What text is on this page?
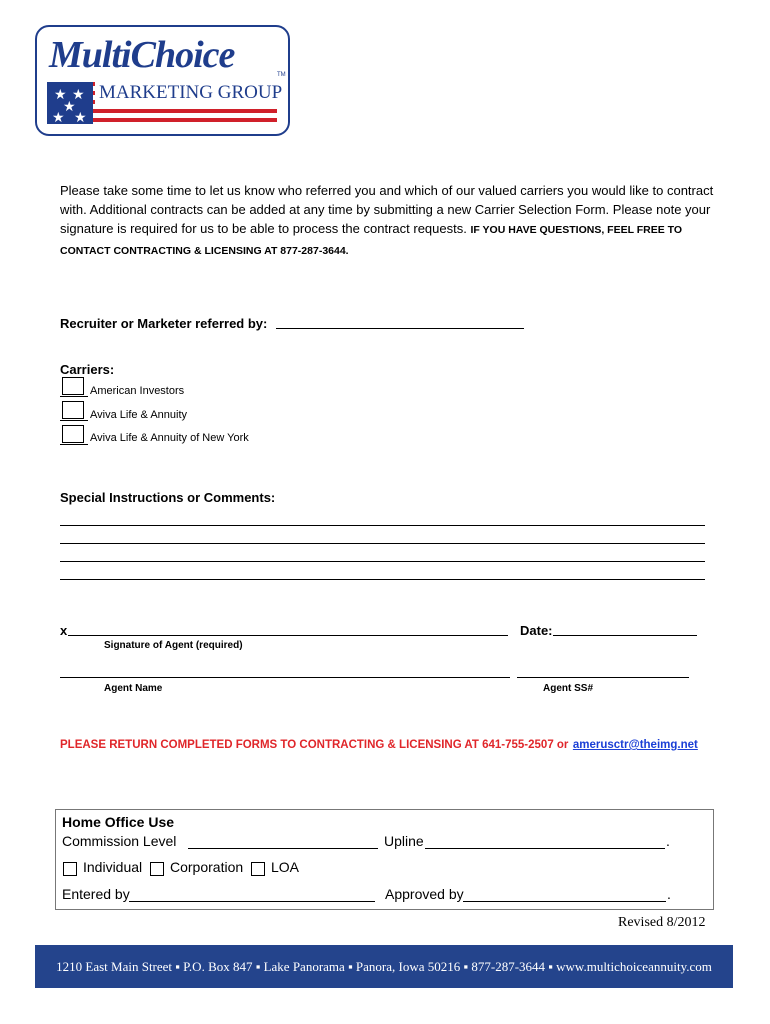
★ ★
★
★ ★
MultiChoice	TM
MARKETING GROUP
Please take some time to let us know who referred you and which of our valued carriers you would like to contract with. Additional contracts can be added at any time by submitting a new Carrier Selection Form. Please note your signature is required for us to be able to process the contract requests. IF YOU HAVE QUESTIONS, FEEL FREE TO CONTACT CONTRACTING & LICENSING AT 877-287-3644.
Recruiter or Marketer referred by:
Carriers:
American Investors
Aviva Life & Annuity
Aviva Life & Annuity of New York
Special Instructions or Comments:
x
Signature of Agent (required)
Date:
Agent Name	Agent SS#
PLEASE RETURN COMPLETED FORMS TO CONTRACTING & LICENSING AT 641-755-2507 or amerusctr@theimg.net
Home Office Use
Commission Level	Upline	.
Individual Corporation LOA
Entered by	Approved by	.
Revised 8/2012
1210 East Main Street ▪ P.O. Box 847 ▪ Lake Panorama ▪ Panora, Iowa 50216 ▪ 877-287-3644 ▪ www.multichoiceannuity.com
